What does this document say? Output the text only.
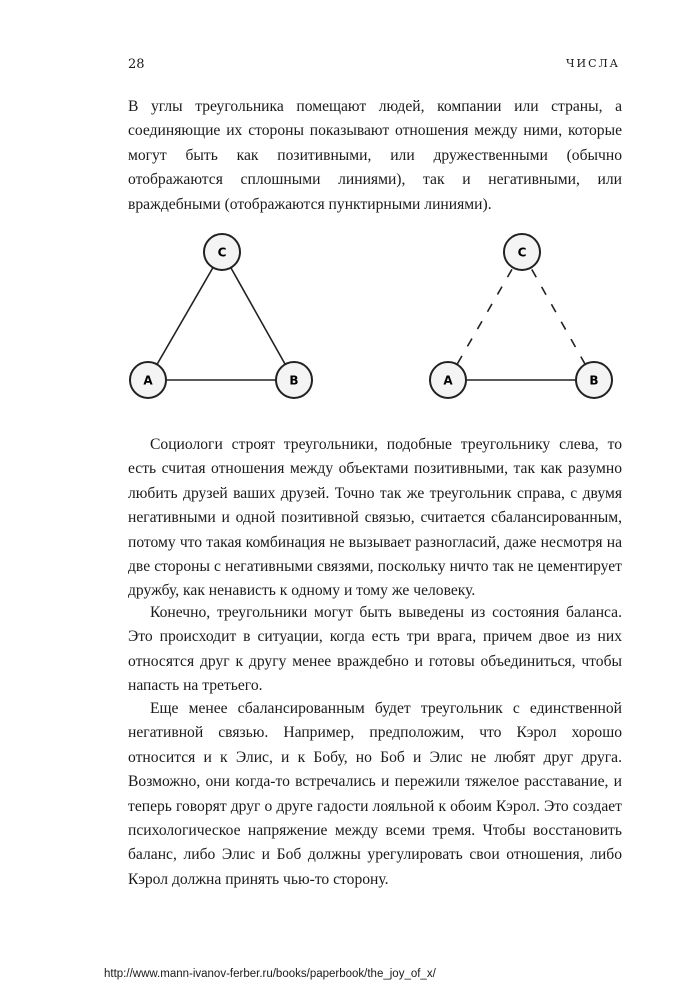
28	ЧИСЛА

В углы треугольника помещают людей, компании или страны, а соединяющие их стороны показывают отношения между ними, которые могут быть как позитивными, или дружественными (обычно отображаются сплошными линиями), так и негативными, или враждебными (отображаются пунктирными линиями).

C
A	B
C
A	B

Социологи строят треугольники, подобные треугольнику слева, то есть считая отношения между объектами позитивными, так как разумно любить друзей ваших друзей. Точно так же треугольник справа, с двумя негативными и одной позитивной связью, считается сбалансированным, потому что такая комбинация не вызывает разногласий, даже несмотря на две стороны с негативными связями, поскольку ничто так не цементирует дружбу, как ненависть к одному и тому же человеку.

Конечно, треугольники могут быть выведены из состояния баланса. Это происходит в ситуации, когда есть три врага, причем двое из них относятся друг к другу менее враждебно и готовы объединиться, чтобы напасть на третьего.

Еще менее сбалансированным будет треугольник с единственной негативной связью. Например, предположим, что Кэрол хорошо относится и к Элис, и к Бобу, но Боб и Элис не любят друг друга. Возможно, они когда-то встречались и пережили тяжелое расставание, и теперь говорят друг о друге гадости лояльной к обоим Кэрол. Это создает психологическое напряжение между всеми тремя. Чтобы восстановить баланс, либо Элис и Боб должны урегулировать свои отношения, либо Кэрол должна принять чью-то сторону.

http://www.mann-ivanov-ferber.ru/books/paperbook/the_joy_of_x/
